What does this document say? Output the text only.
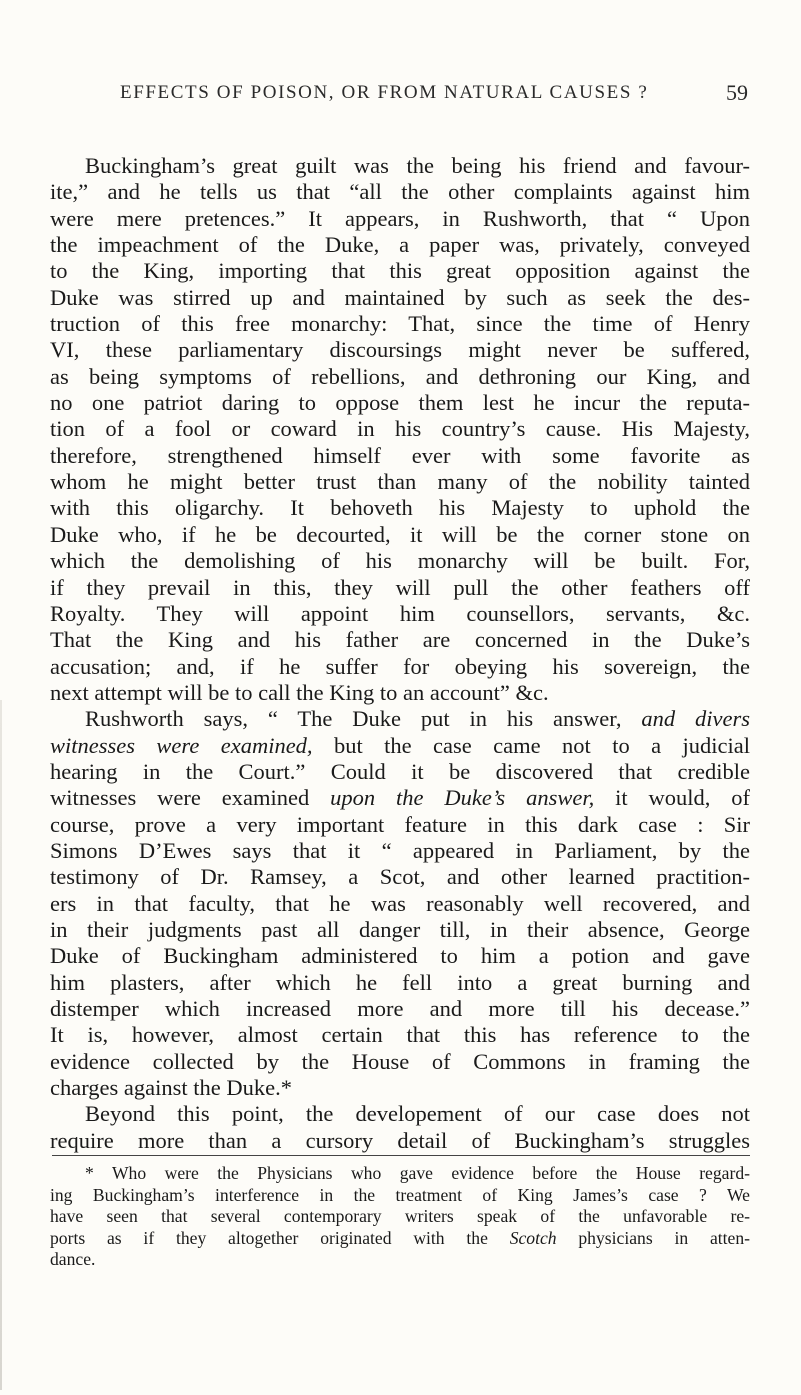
EFFECTS OF POISON, OR FROM NATURAL CAUSES ?	59
Buckingham’s great guilt was the being his friend and favour-
ite,” and he tells us that “all the other complaints against him
were mere pretences.” It appears, in Rushworth, that “ Upon
the impeachment of the Duke, a paper was, privately, conveyed
to the King, importing that this great opposition against the
Duke was stirred up and maintained by such as seek the des-
truction of this free monarchy: That, since the time of Henry
VI, these parliamentary discoursings might never be suffered,
as being symptoms of rebellions, and dethroning our King, and
no one patriot daring to oppose them lest he incur the reputa-
tion of a fool or coward in his country’s cause. His Majesty,
therefore, strengthened himself ever with some favorite as
whom he might better trust than many of the nobility tainted
with this oligarchy. It behoveth his Majesty to uphold the
Duke who, if he be decourted, it will be the corner stone on
which the demolishing of his monarchy will be built. For,
if they prevail in this, they will pull the other feathers off
Royalty. They will appoint him counsellors, servants, &c.
That the King and his father are concerned in the Duke’s
accusation; and, if he suffer for obeying his sovereign, the
next attempt will be to call the King to an account” &c.
Rushworth says, “ The Duke put in his answer, and divers
witnesses were examined, but the case came not to a judicial
hearing in the Court.” Could it be discovered that credible
witnesses were examined upon the Duke’s answer, it would, of
course, prove a very important feature in this dark case : Sir
Simons D’Ewes says that it “ appeared in Parliament, by the
testimony of Dr. Ramsey, a Scot, and other learned practition-
ers in that faculty, that he was reasonably well recovered, and
in their judgments past all danger till, in their absence, George
Duke of Buckingham administered to him a potion and gave
him plasters, after which he fell into a great burning and
distemper which increased more and more till his decease.”
It is, however, almost certain that this has reference to the
evidence collected by the House of Commons in framing the
charges against the Duke.*
Beyond this point, the developement of our case does not
require more than a cursory detail of Buckingham’s struggles
* Who were the Physicians who gave evidence before the House regard-
ing Buckingham’s interference in the treatment of King James’s case ? We
have seen that several contemporary writers speak of the unfavorable re-
ports as if they altogether originated with the Scotch physicians in atten-
dance.
